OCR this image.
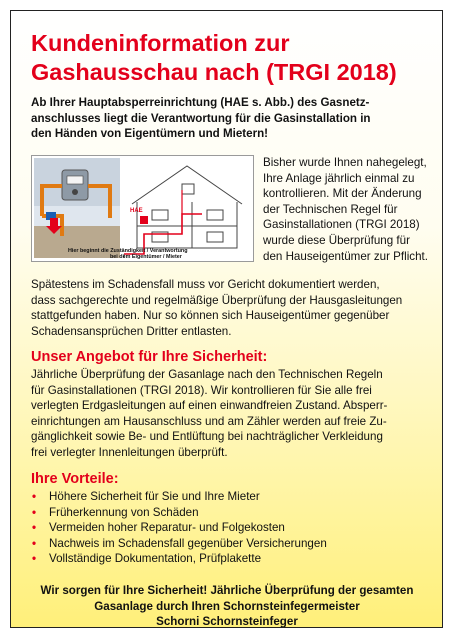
Kundeninformation zur
Gashausschau nach (TRGI 2018)
Ab Ihrer Hauptabsperreinrichtung (HAE s. Abb.) des Gasnetz-
anschlusses liegt die Verantwortung für die Gasinstallation in
den Händen von Eigentümern und Mietern!
HAE
Hier beginnt die Zuständigkeit / Verantwortung
bei dem Eigentümer / Mieter
Bisher wurde Ihnen nahegelegt,
Ihre Anlage jährlich einmal zu
kontrollieren. Mit der Änderung
der Technischen Regel für
Gasinstallationen (TRGI 2018)
wurde diese Überprüfung für
den Hauseigentümer zur Pflicht.
Spätestens im Schadensfall muss vor Gericht dokumentiert werden,
dass sachgerechte und regelmäßige Überprüfung der Hausgasleitungen
stattgefunden haben. Nur so können sich Hauseigentümer gegenüber
Schadensansprüchen Dritter entlasten.
Unser Angebot für Ihre Sicherheit:
Jährliche Überprüfung der Gasanlage nach den Technischen Regeln
für Gasinstallationen (TRGI 2018). Wir kontrollieren für Sie alle frei
verlegten Erdgasleitungen auf einen einwandfreien Zustand. Absperr-
einrichtungen am Hausanschluss und am Zähler werden auf freie Zu-
gänglichkeit sowie Be- und Entlüftung bei nachträglicher Verkleidung
frei verlegter Innenleitungen überprüft.
Ihre Vorteile:
• Höhere Sicherheit für Sie und Ihre Mieter
• Früherkennung von Schäden
• Vermeiden hoher Reparatur- und Folgekosten
• Nachweis im Schadensfall gegenüber Versicherungen
• Vollständige Dokumentation, Prüfplakette
Wir sorgen für Ihre Sicherheit! Jährliche Überprüfung der gesamten
Gasanlage durch Ihren Schornsteinfegermeister
Schorni Schornsteinfeger
